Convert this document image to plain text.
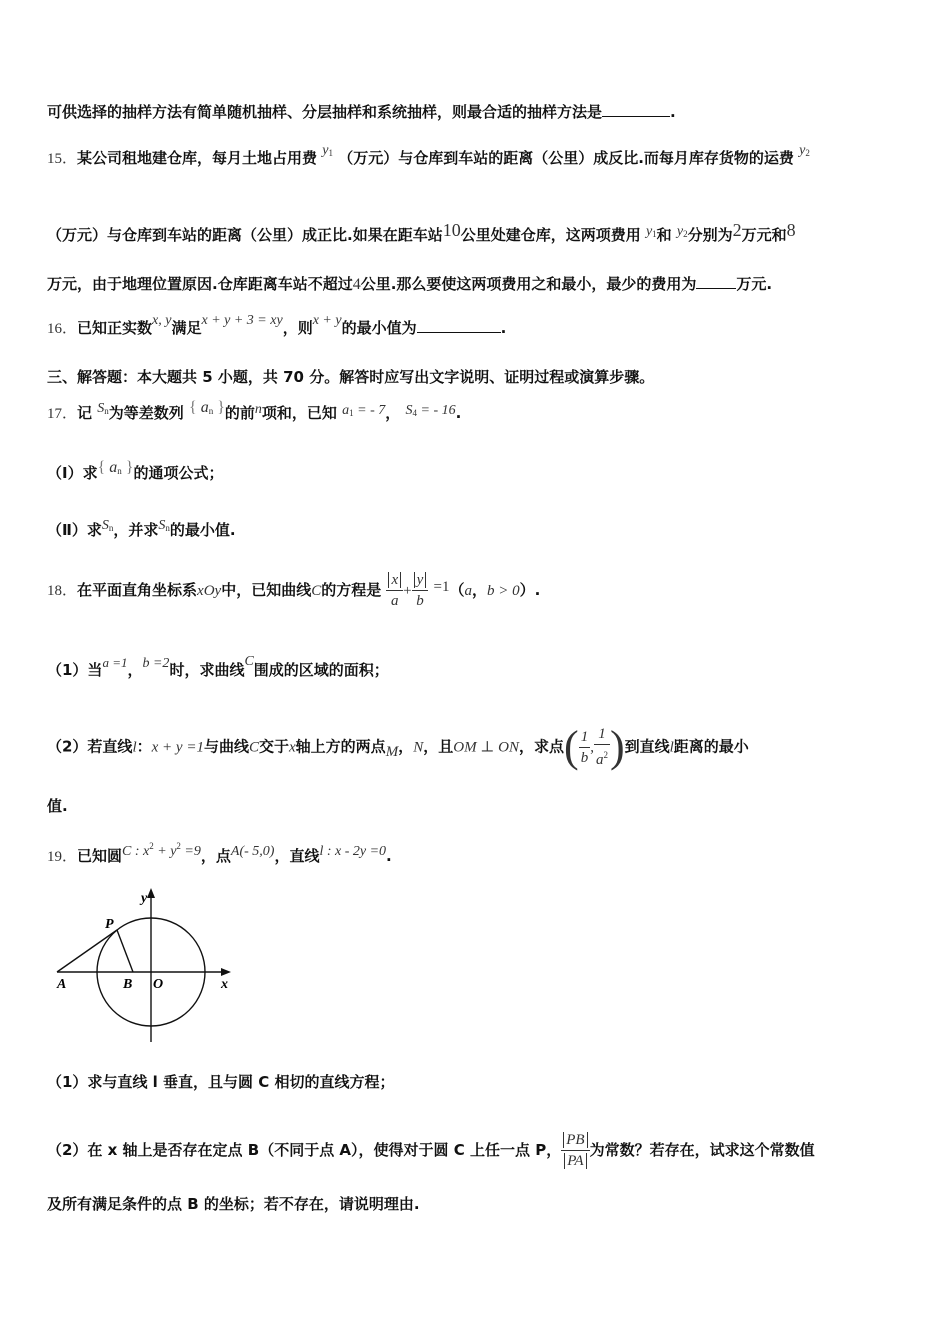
可供选择的抽样方法有简单随机抽样、分层抽样和系统抽样，则最合适的抽样方法是	.
15．某公司租地建仓库，每月土地占用费 $y_1$ （万元）与仓库到车站的距离（公里）成反比.而每月库存货物的运费 $y_2$
（万元）与仓库到车站的距离（公里）成正比.如果在距车站10公里处建仓库，这两项费用 $y_1$和 $y_2$分别为2万元和8
万元，由于地理位置原因.仓库距离车站不超过4公里.那么要使这两项费用之和最小，最少的费用为	万元.
16．已知正实数x, y满足x + y + 3 = xy，则x + y的最小值为	.
三、解答题：本大题共 5 小题，共 70 分。解答时应写出文字说明、证明过程或演算步骤。
17．记 $S_n$为等差数列 { $a_n$ }的前n项和，已知 $a_1$ = - 7， $S_4$ = - 16.
（Ⅰ）求{ $a_n$ }的通项公式；
（Ⅱ）求$S_n$，并求$S_n$的最小值.
18．在平面直角坐标系xOy中，已知曲线C的方程是 $\frac{x}{a} + \frac{y}{b} =1(a$，b > 0）.
（1）当a =1，b =2时，求曲线C围成的区域的面积；
（2）若直线l：x + y =1与曲线C交于x轴上方的两点M，N，且OM ⊥ ON，求点( $\frac{1}{b}$ , $\frac{1}{a^2}$ )到直线l距离的最小
值.
19．已知圆C : $x^2 + y^2 =9$，点A(- 5,0)，直线l : x - 2y =0.
y
x
P
A	B O
（1）求与直线 l 垂直，且与圆 C 相切的直线方程；
（2）在 x 轴上是否存在定点 B（不同于点 A），使得对于圆 C 上任一点 P， $\frac{PB}{PA}$ 为常数？若存在，试求这个常数值
及所有满足条件的点 B 的坐标；若不存在，请说明理由.
